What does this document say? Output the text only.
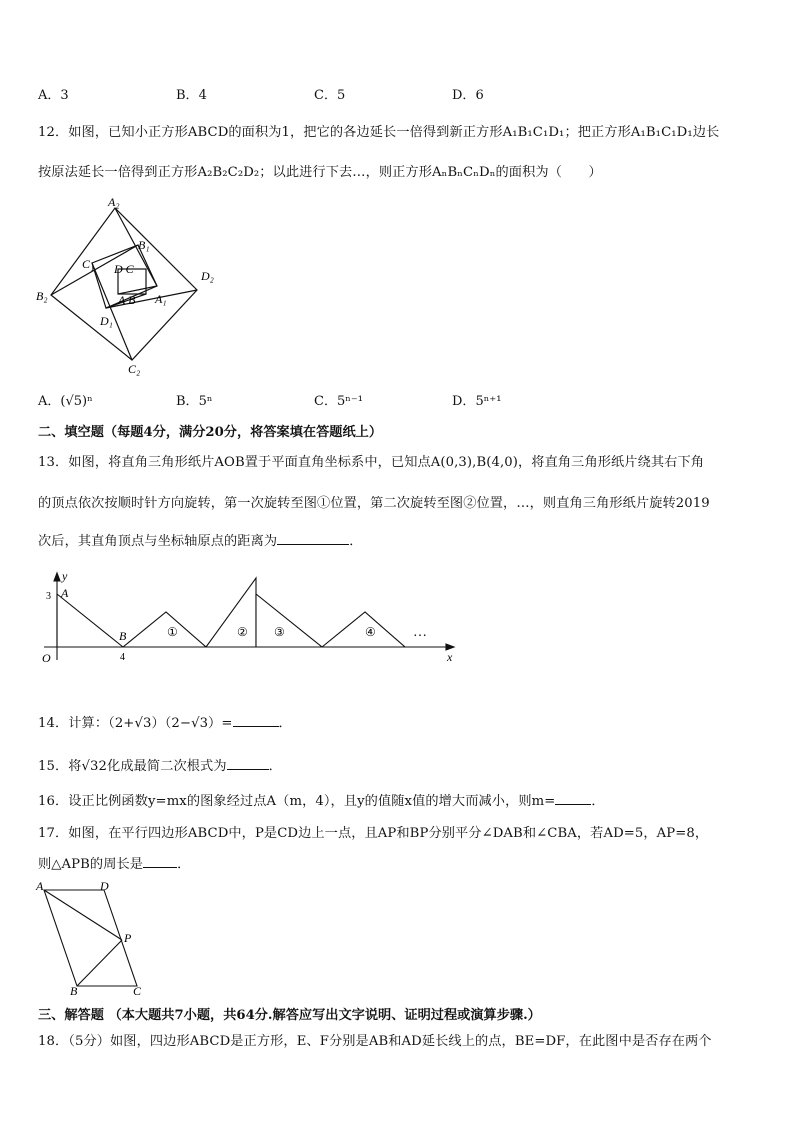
A．3	B．4	C．5	D．6
12．如图，已知小正方形ABCD的面积为1，把它的各边延长一倍得到新正方形A₁B₁C₁D₁；把正方形A₁B₁C₁D₁边长
按原法延长一倍得到正方形A₂B₂C₂D₂；以此进行下去…，则正方形AₙBₙCₙDₙ的面积为（　　）
A₂
B₁
C₁ D C	D₂
B₂	A B A₁
D₁
C₂
A．(√5)ⁿ	B．5ⁿ	C．5ⁿ⁻¹	D．5ⁿ⁺¹
二、填空题（每题4分，满分20分，将答案填在答题纸上）
13．如图，将直角三角形纸片AOB置于平面直角坐标系中，已知点A(0,3),B(4,0)，将直角三角形纸片绕其右下角
的顶点依次按顺时针方向旋转，第一次旋转至图①位置，第二次旋转至图②位置，…，则直角三角形纸片旋转2019
次后，其直角顶点与坐标轴原点的距离为	．
y
x
O
A
B
3
4
①	② ③	④	…
14．计算：（2+√3）（2−√3）=	．
15．将√32化成最简二次根式为	．
16．设正比例函数y=mx的图象经过点A（m，4），且y的值随x值的增大而减小，则m=	．
17．如图，在平行四边形ABCD中，P是CD边上一点，且AP和BP分别平分∠DAB和∠CBA，若AD=5，AP=8，
则△APB的周长是	．
A	D
P
B	C
三、解答题 （本大题共7小题，共64分.解答应写出文字说明、证明过程或演算步骤.）
18．（5分）如图，四边形ABCD是正方形，E、F分别是AB和AD延长线上的点，BE=DF，在此图中是否存在两个
